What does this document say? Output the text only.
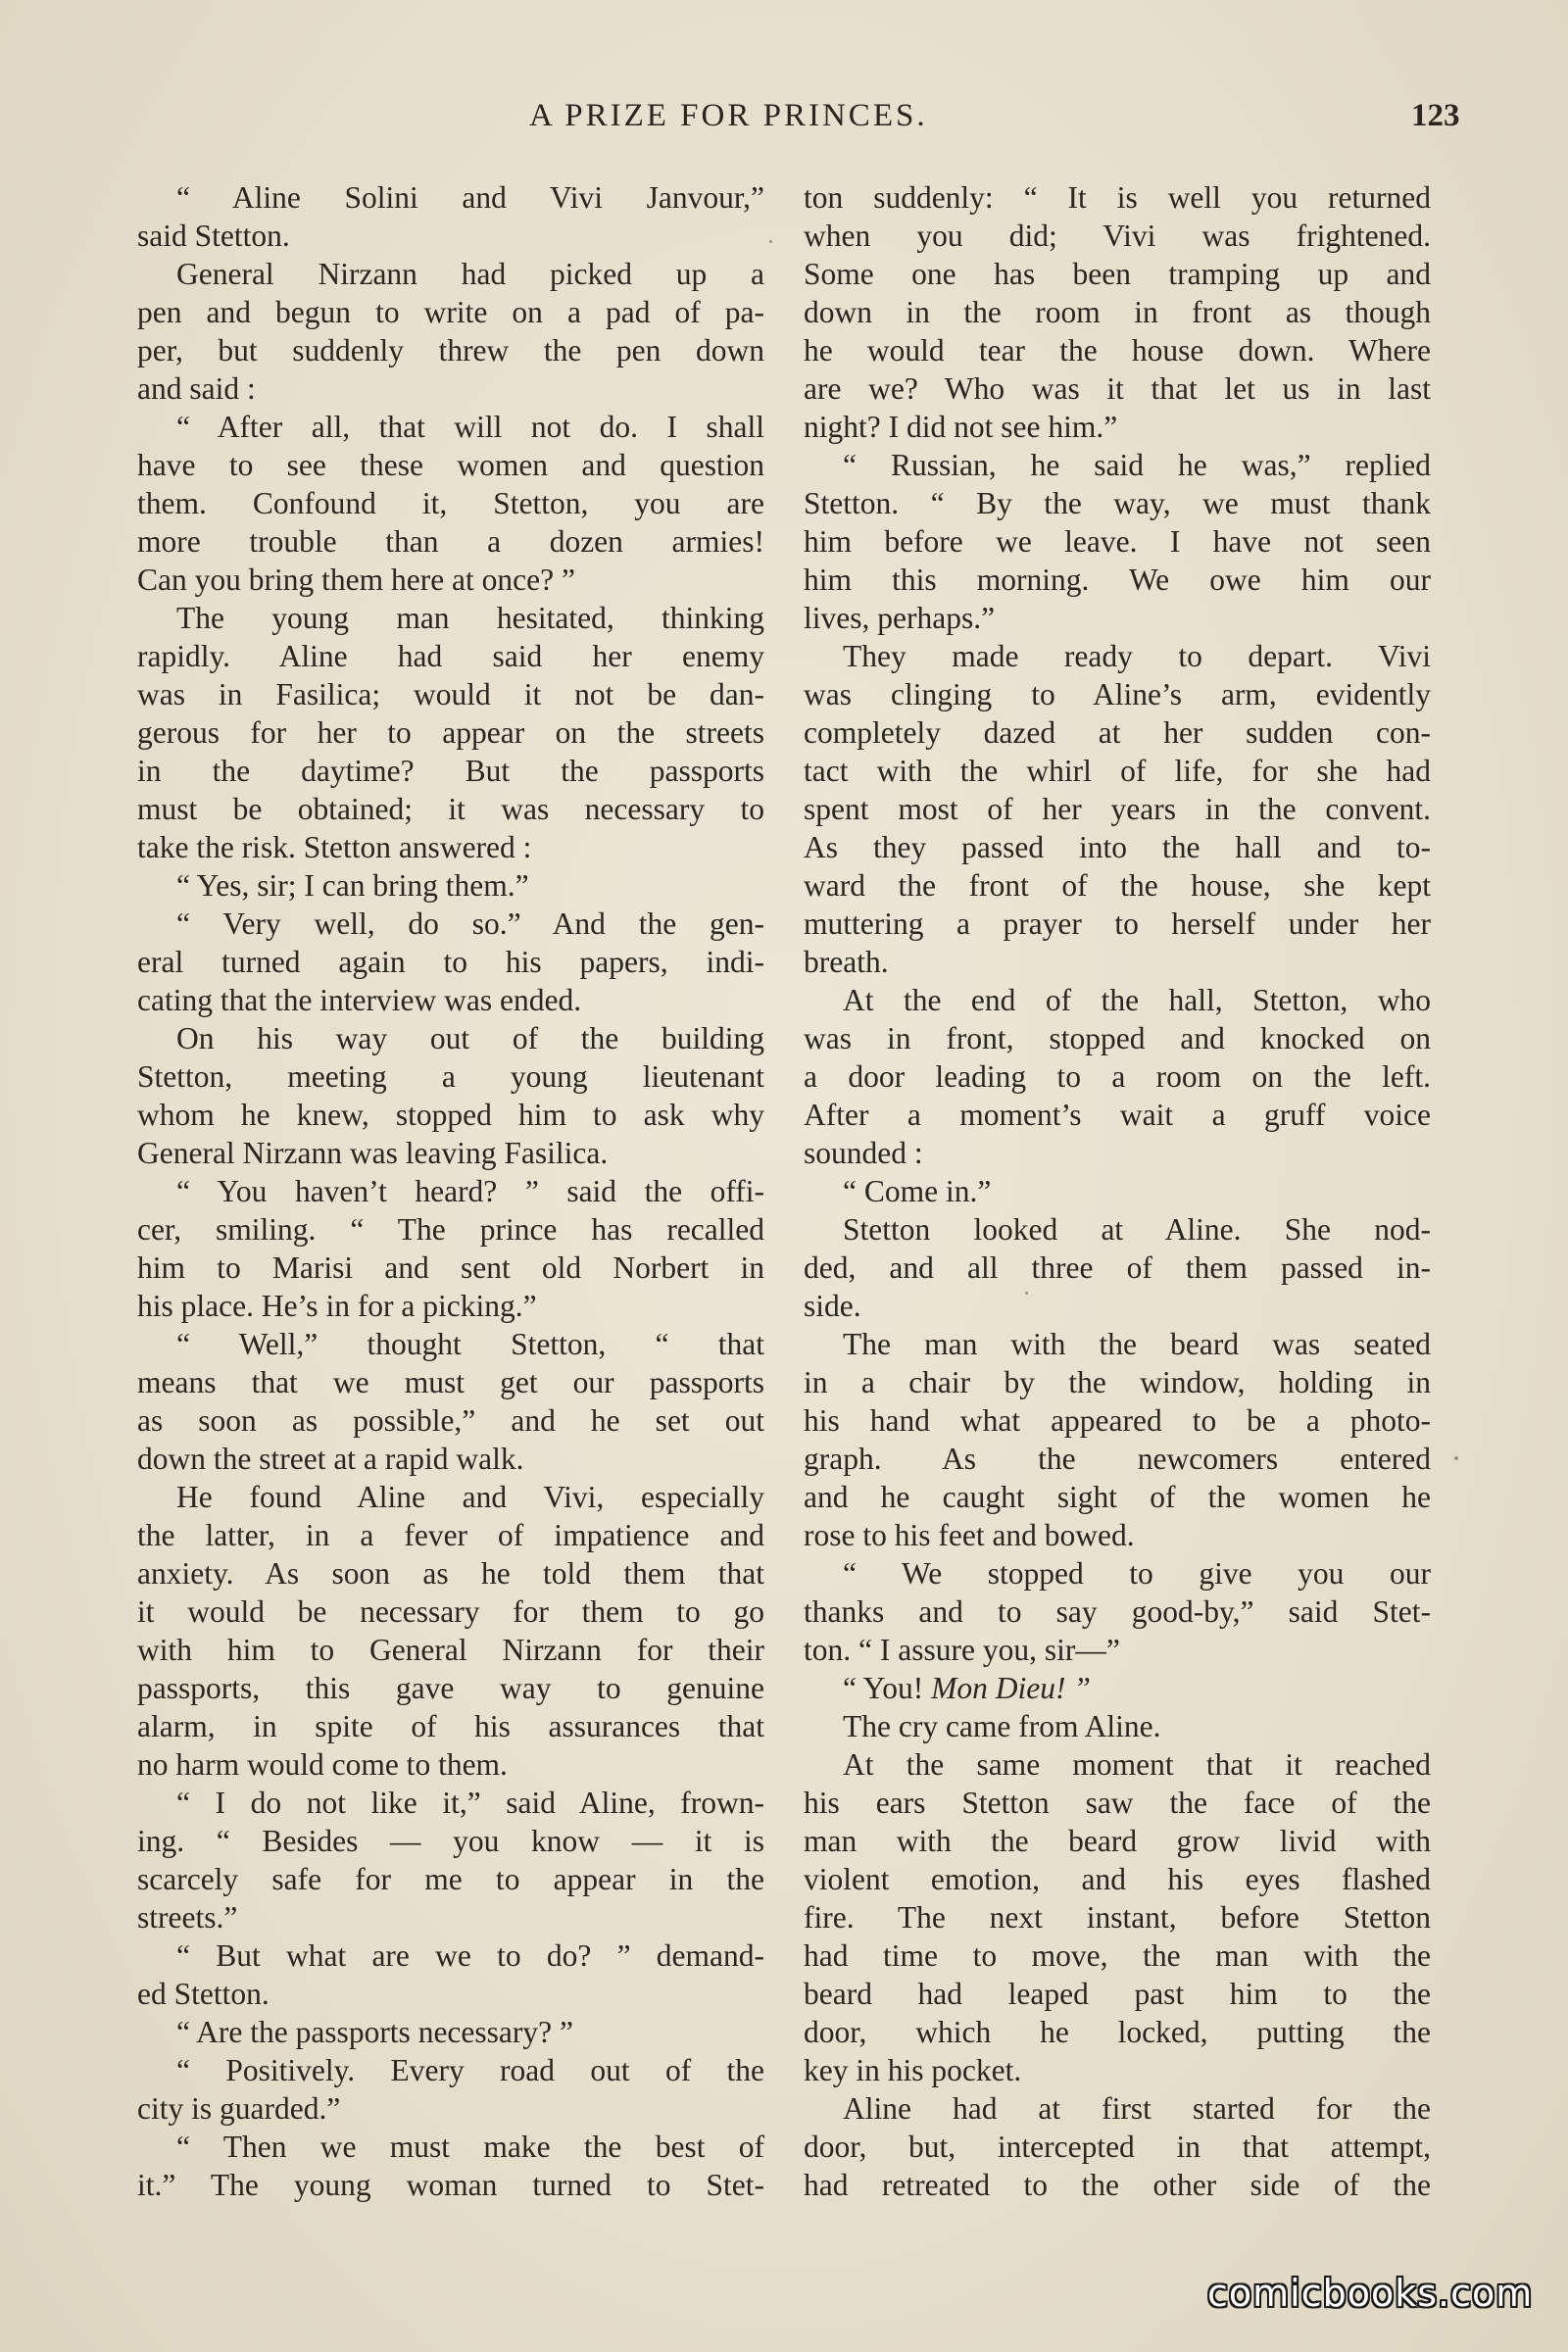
A PRIZE FOR PRINCES.	123
“ Aline Solini and Vivi Janvour,”
said Stetton.
General Nirzann had picked up a
pen and begun to write on a pad of pa-
per, but suddenly threw the pen down
and said :
“ After all, that will not do. I shall
have to see these women and question
them. Confound it, Stetton, you are
more trouble than a dozen armies!
Can you bring them here at once? ”
The young man hesitated, thinking
rapidly. Aline had said her enemy
was in Fasilica; would it not be dan-
gerous for her to appear on the streets
in the daytime? But the passports
must be obtained; it was necessary to
take the risk. Stetton answered :
“ Yes, sir; I can bring them.”
“ Very well, do so.” And the gen-
eral turned again to his papers, indi-
cating that the interview was ended.
On his way out of the building
Stetton, meeting a young lieutenant
whom he knew, stopped him to ask why
General Nirzann was leaving Fasilica.
“ You haven’t heard? ” said the offi-
cer, smiling. “ The prince has recalled
him to Marisi and sent old Norbert in
his place. He’s in for a picking.”
“ Well,” thought Stetton, “ that
means that we must get our passports
as soon as possible,” and he set out
down the street at a rapid walk.
He found Aline and Vivi, especially
the latter, in a fever of impatience and
anxiety. As soon as he told them that
it would be necessary for them to go
with him to General Nirzann for their
passports, this gave way to genuine
alarm, in spite of his assurances that
no harm would come to them.
“ I do not like it,” said Aline, frown-
ing. “ Besides — you know — it is
scarcely safe for me to appear in the
streets.”
“ But what are we to do? ” demand-
ed Stetton.
“ Are the passports necessary? ”
“ Positively. Every road out of the
city is guarded.”
“ Then we must make the best of
it.” The young woman turned to Stet-
ton suddenly: “ It is well you returned
when you did; Vivi was frightened.
Some one has been tramping up and
down in the room in front as though
he would tear the house down. Where
are we? Who was it that let us in last
night? I did not see him.”
“ Russian, he said he was,” replied
Stetton. “ By the way, we must thank
him before we leave. I have not seen
him this morning. We owe him our
lives, perhaps.”
They made ready to depart. Vivi
was clinging to Aline’s arm, evidently
completely dazed at her sudden con-
tact with the whirl of life, for she had
spent most of her years in the convent.
As they passed into the hall and to-
ward the front of the house, she kept
muttering a prayer to herself under her
breath.
At the end of the hall, Stetton, who
was in front, stopped and knocked on
a door leading to a room on the left.
After a moment’s wait a gruff voice
sounded :
“ Come in.”
Stetton looked at Aline. She nod-
ded, and all three of them passed in-
side.
The man with the beard was seated
in a chair by the window, holding in
his hand what appeared to be a photo-
graph. As the newcomers entered
and he caught sight of the women he
rose to his feet and bowed.
“ We stopped to give you our
thanks and to say good-by,” said Stet-
ton. “ I assure you, sir—”
“ You! Mon Dieu! ”
The cry came from Aline.
At the same moment that it reached
his ears Stetton saw the face of the
man with the beard grow livid with
violent emotion, and his eyes flashed
fire. The next instant, before Stetton
had time to move, the man with the
beard had leaped past him to the
door, which he locked, putting the
key in his pocket.
Aline had at first started for the
door, but, intercepted in that attempt,
had retreated to the other side of the
comicbooks.com
